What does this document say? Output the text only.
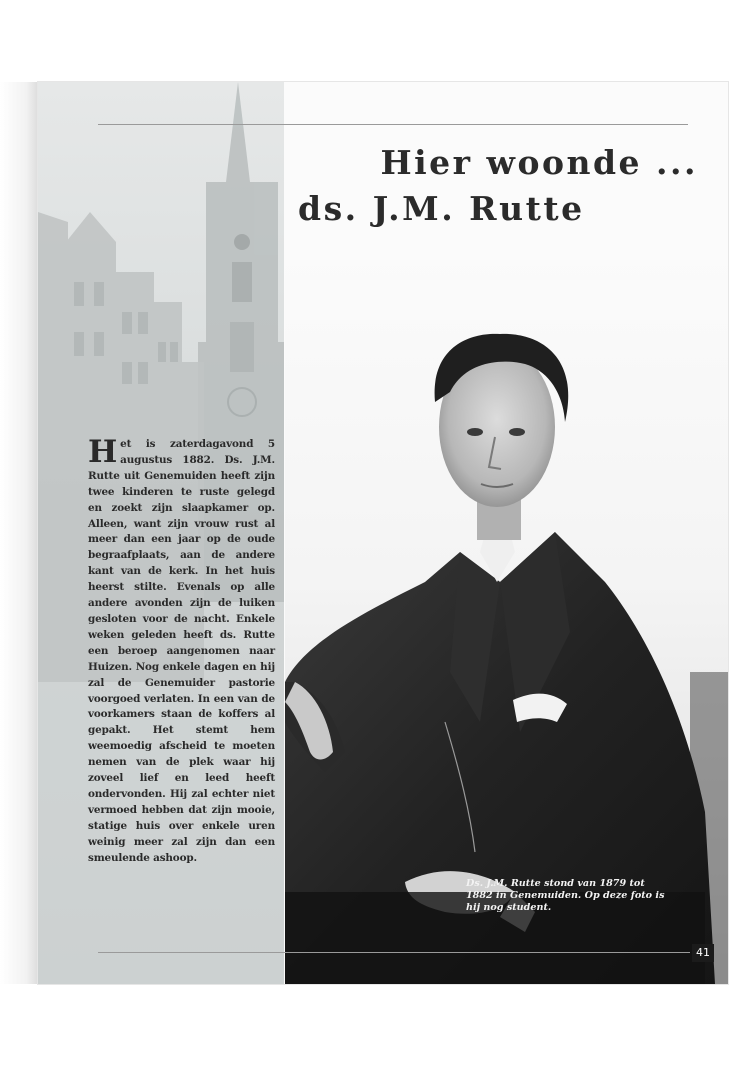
Hier woonde ...
ds. J.M. Rutte
Het is zaterdagavond 5 augustus 1882. Ds. J.M. Rutte uit Genemuiden heeft zijn twee kinderen te ruste gelegd en zoekt zijn slaapkamer op. Alleen, want zijn vrouw rust al meer dan een jaar op de oude begraafplaats, aan de andere kant van de kerk. In het huis heerst stilte. Evenals op alle andere avonden zijn de luiken gesloten voor de nacht. Enkele weken geleden heeft ds. Rutte een beroep aangenomen naar Huizen. Nog enkele dagen en hij zal de Genemuider pastorie voorgoed verlaten. In een van de voorkamers staan de koffers al gepakt. Het stemt hem weemoedig afscheid te moeten nemen van de plek waar hij zoveel lief en leed heeft ondervonden. Hij zal echter niet vermoed hebben dat zijn mooie, statige huis over enkele uren weinig meer zal zijn dan een smeulende ashoop.
Ds. J.M. Rutte stond van 1879 tot 1882 in Genemuiden. Op deze foto is hij nog student.
41
